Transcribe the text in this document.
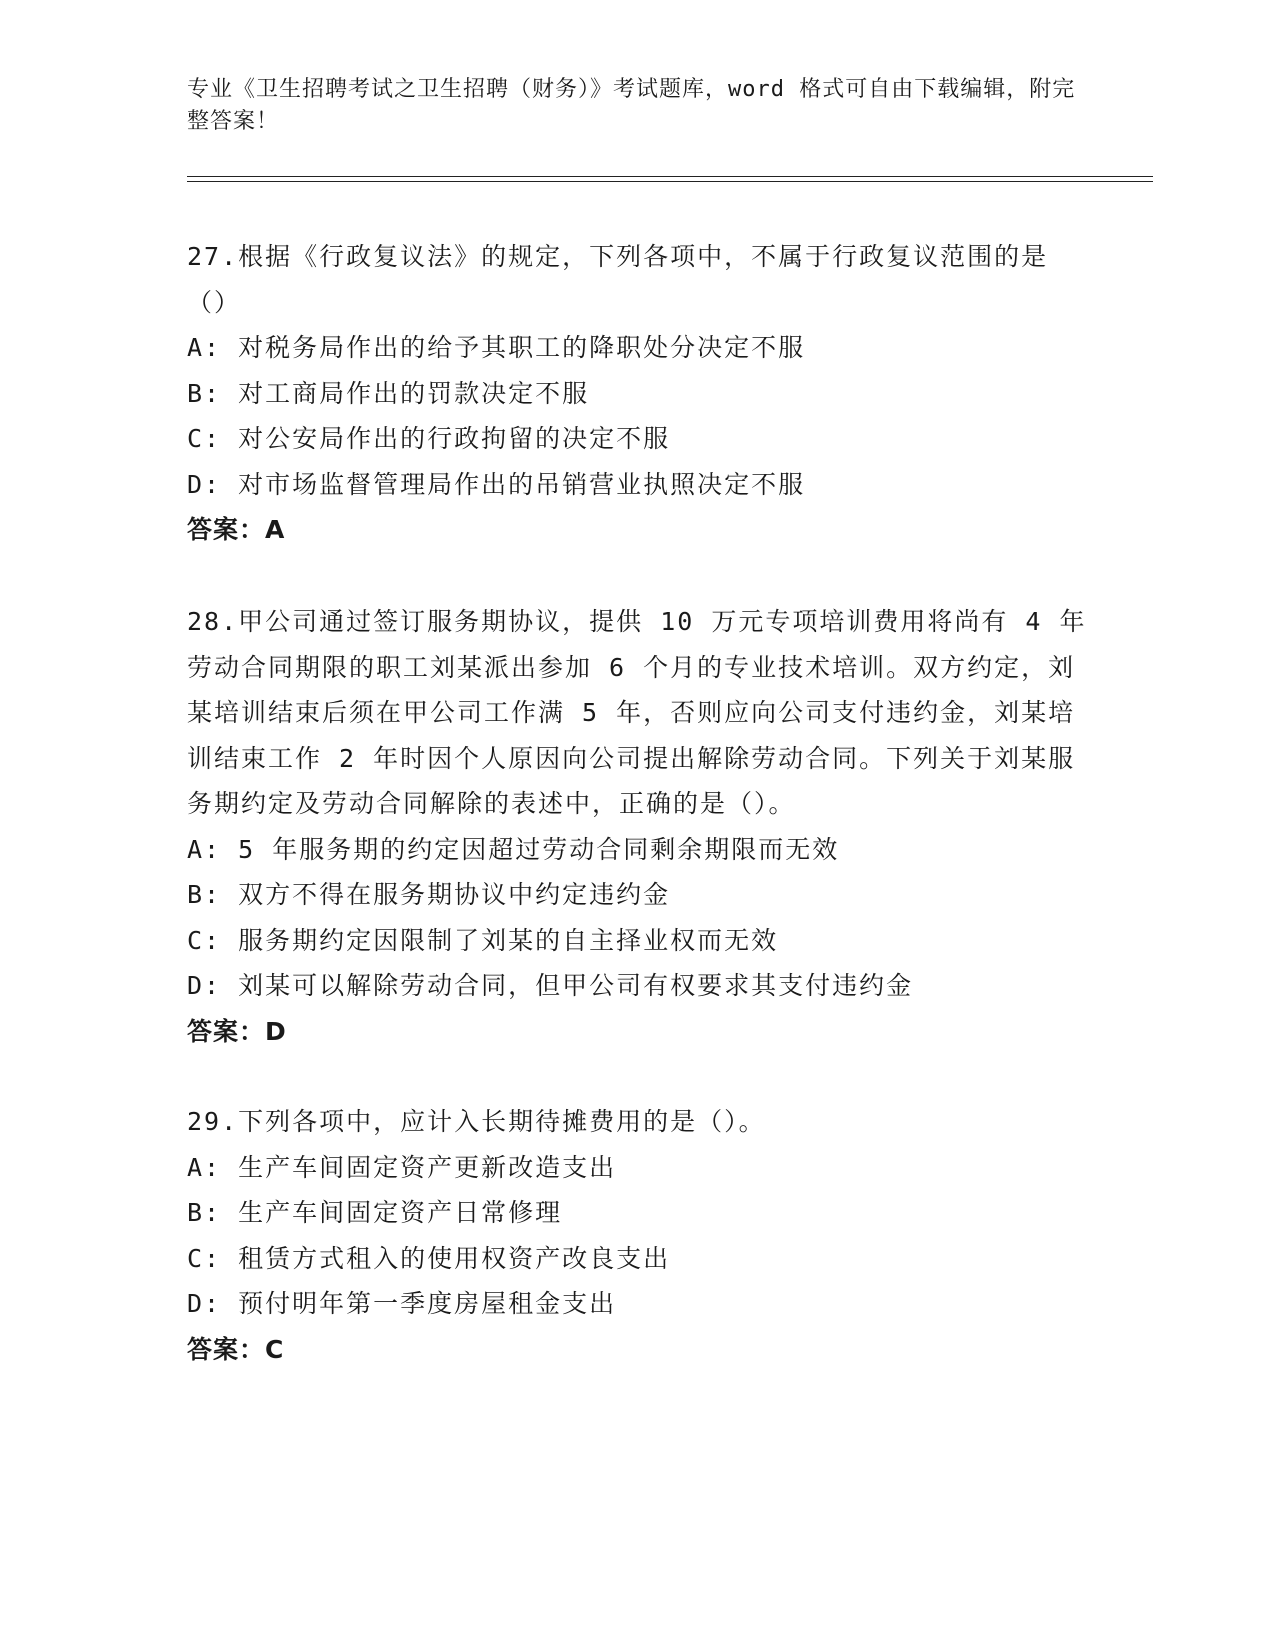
专业《卫生招聘考试之卫生招聘（财务）》考试题库，word 格式可自由下载编辑，附完整答案！
27.根据《行政复议法》的规定，下列各项中，不属于行政复议范围的是（）
A: 对税务局作出的给予其职工的降职处分决定不服
B: 对工商局作出的罚款决定不服
C: 对公安局作出的行政拘留的决定不服
D: 对市场监督管理局作出的吊销营业执照决定不服
答案：A
28.甲公司通过签订服务期协议，提供 10 万元专项培训费用将尚有 4 年劳动合同期限的职工刘某派出参加 6 个月的专业技术培训。双方约定，刘某培训结束后须在甲公司工作满 5 年，否则应向公司支付违约金，刘某培训结束工作 2 年时因个人原因向公司提出解除劳动合同。下列关于刘某服务期约定及劳动合同解除的表述中，正确的是（）。
A: 5 年服务期的约定因超过劳动合同剩余期限而无效
B: 双方不得在服务期协议中约定违约金
C: 服务期约定因限制了刘某的自主择业权而无效
D: 刘某可以解除劳动合同，但甲公司有权要求其支付违约金
答案：D
29.下列各项中，应计入长期待摊费用的是（）。
A: 生产车间固定资产更新改造支出
B: 生产车间固定资产日常修理
C: 租赁方式租入的使用权资产改良支出
D: 预付明年第一季度房屋租金支出
答案：C
